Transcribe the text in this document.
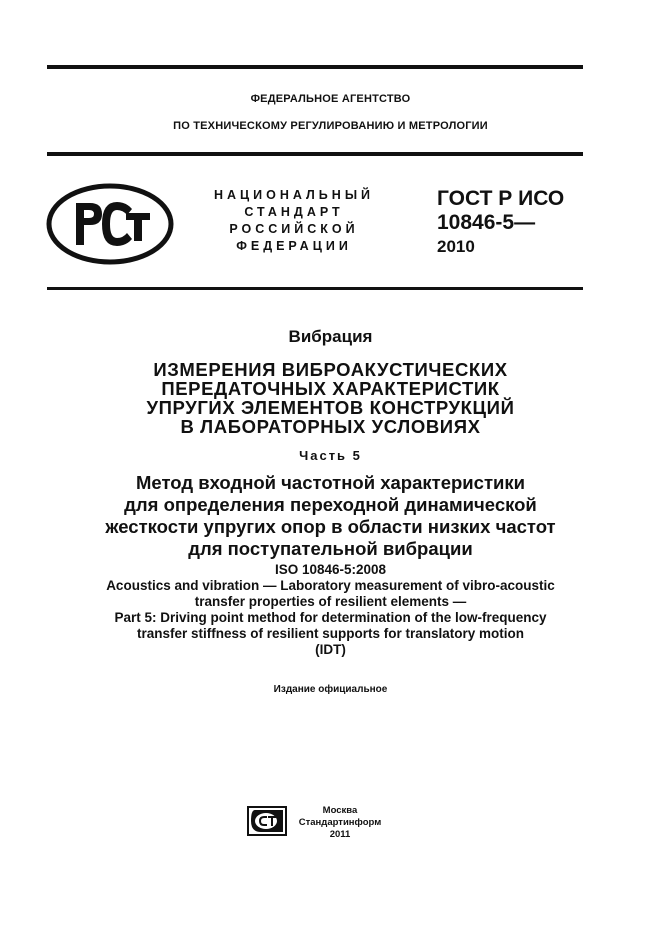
ФЕДЕРАЛЬНОЕ АГЕНТСТВО
ПО ТЕХНИЧЕСКОМУ РЕГУЛИРОВАНИЮ И МЕТРОЛОГИИ
НАЦИОНАЛЬНЫЙ
СТАНДАРТ
РОССИЙСКОЙ
ФЕДЕРАЦИИ
ГОСТ Р ИСО
10846-5—
2010
Вибрация
ИЗМЕРЕНИЯ ВИБРОАКУСТИЧЕСКИХ
ПЕРЕДАТОЧНЫХ ХАРАКТЕРИСТИК
УПРУГИХ ЭЛЕМЕНТОВ КОНСТРУКЦИЙ
В ЛАБОРАТОРНЫХ УСЛОВИЯХ
Часть 5
Метод входной частотной характеристики
для определения переходной динамической
жесткости упругих опор в области низких частот
для поступательной вибрации
ISO 10846-5:2008
Acoustics and vibration — Laboratory measurement of vibro-acoustic
transfer properties of resilient elements —
Part 5: Driving point method for determination of the low-frequency
transfer stiffness of resilient supports for translatory motion
(IDT)
Издание официальное
Москва
Стандартинформ
2011
